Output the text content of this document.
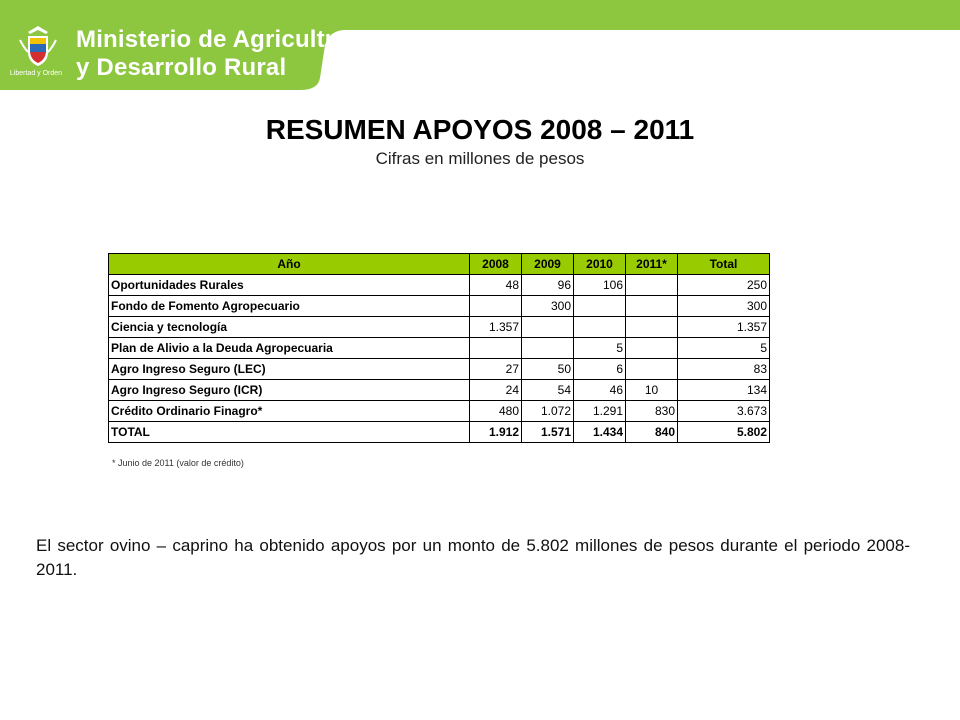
Libertad y Orden
Ministerio de Agricultura
y Desarrollo Rural
RESUMEN APOYOS 2008 – 2011
Cifras en millones de pesos
Año	2008	2009	2010	2011*	Total
Oportunidades Rurales	48	96	106		250
Fondo de Fomento Agropecuario		300			300
Ciencia y tecnología	1.357				1.357
Plan de Alivio a la Deuda Agropecuaria			5		5
Agro Ingreso Seguro (LEC)	27	50	6		83
Agro Ingreso Seguro (ICR)	24	54	46	10	134
Crédito Ordinario Finagro*	480	1.072	1.291	830	3.673
TOTAL	1.912	1.571	1.434	840	5.802
* Junio de 2011 (valor de crédito)
El sector ovino – caprino ha obtenido apoyos por un monto de 5.802 millones de pesos durante el periodo 2008-2011.
